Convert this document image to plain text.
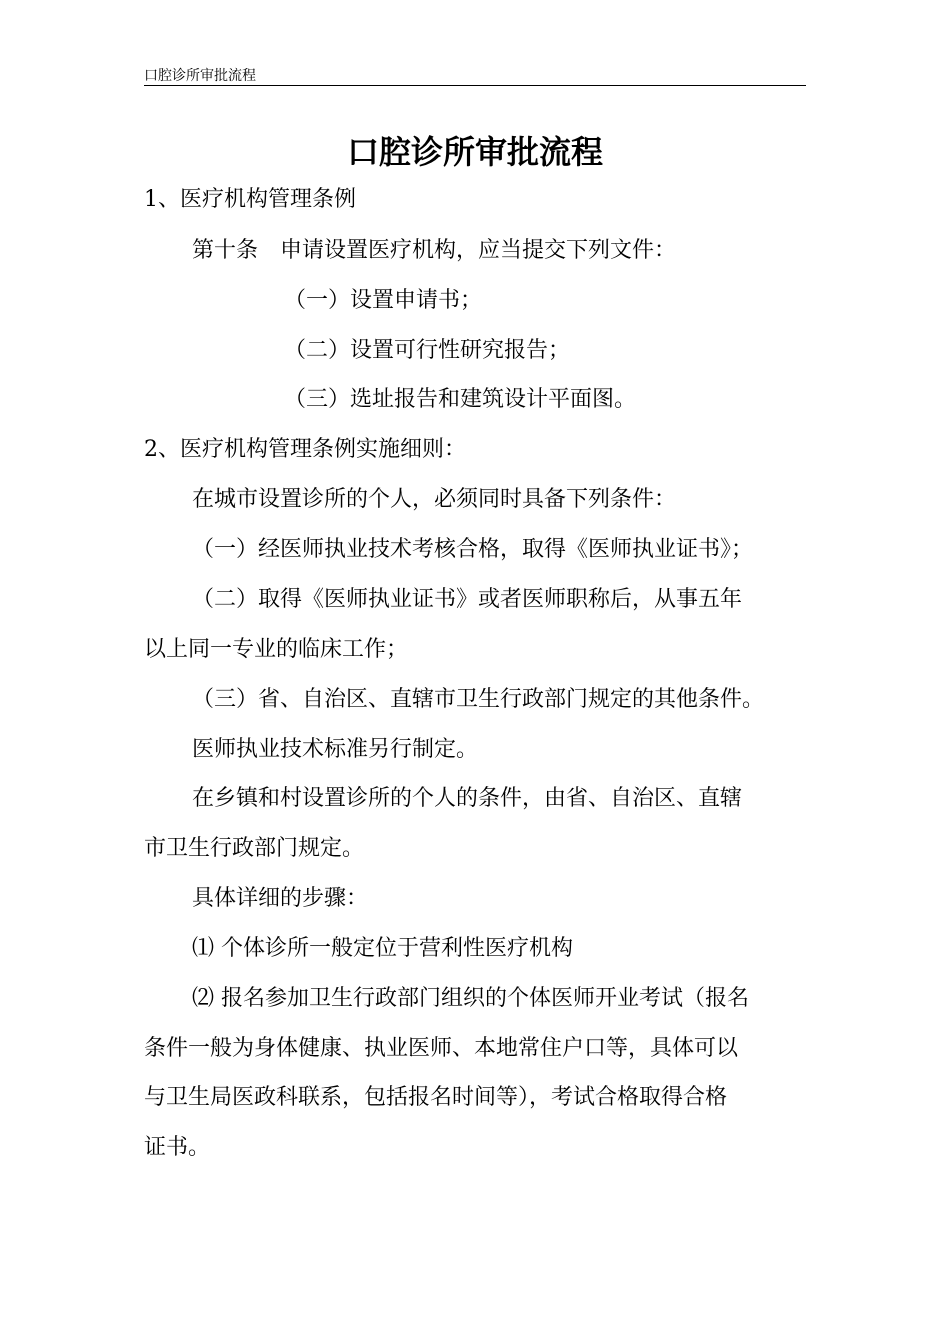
口腔诊所审批流程
口腔诊所审批流程
1、医疗机构管理条例
第十条　申请设置医疗机构，应当提交下列文件：
（一）设置申请书；
（二）设置可行性研究报告；
（三）选址报告和建筑设计平面图。
2、医疗机构管理条例实施细则：
在城市设置诊所的个人，必须同时具备下列条件：
（一）经医师执业技术考核合格，取得《医师执业证书》；
（二）取得《医师执业证书》或者医师职称后，从事五年
以上同一专业的临床工作；
（三）省、自治区、直辖市卫生行政部门规定的其他条件。
医师执业技术标准另行制定。
在乡镇和村设置诊所的个人的条件，由省、自治区、直辖
市卫生行政部门规定。
具体详细的步骤：
⑴ 个体诊所一般定位于营利性医疗机构
⑵ 报名参加卫生行政部门组织的个体医师开业考试（报名
条件一般为身体健康、执业医师、本地常住户口等，具体可以
与卫生局医政科联系，包括报名时间等），考试合格取得合格
证书。
